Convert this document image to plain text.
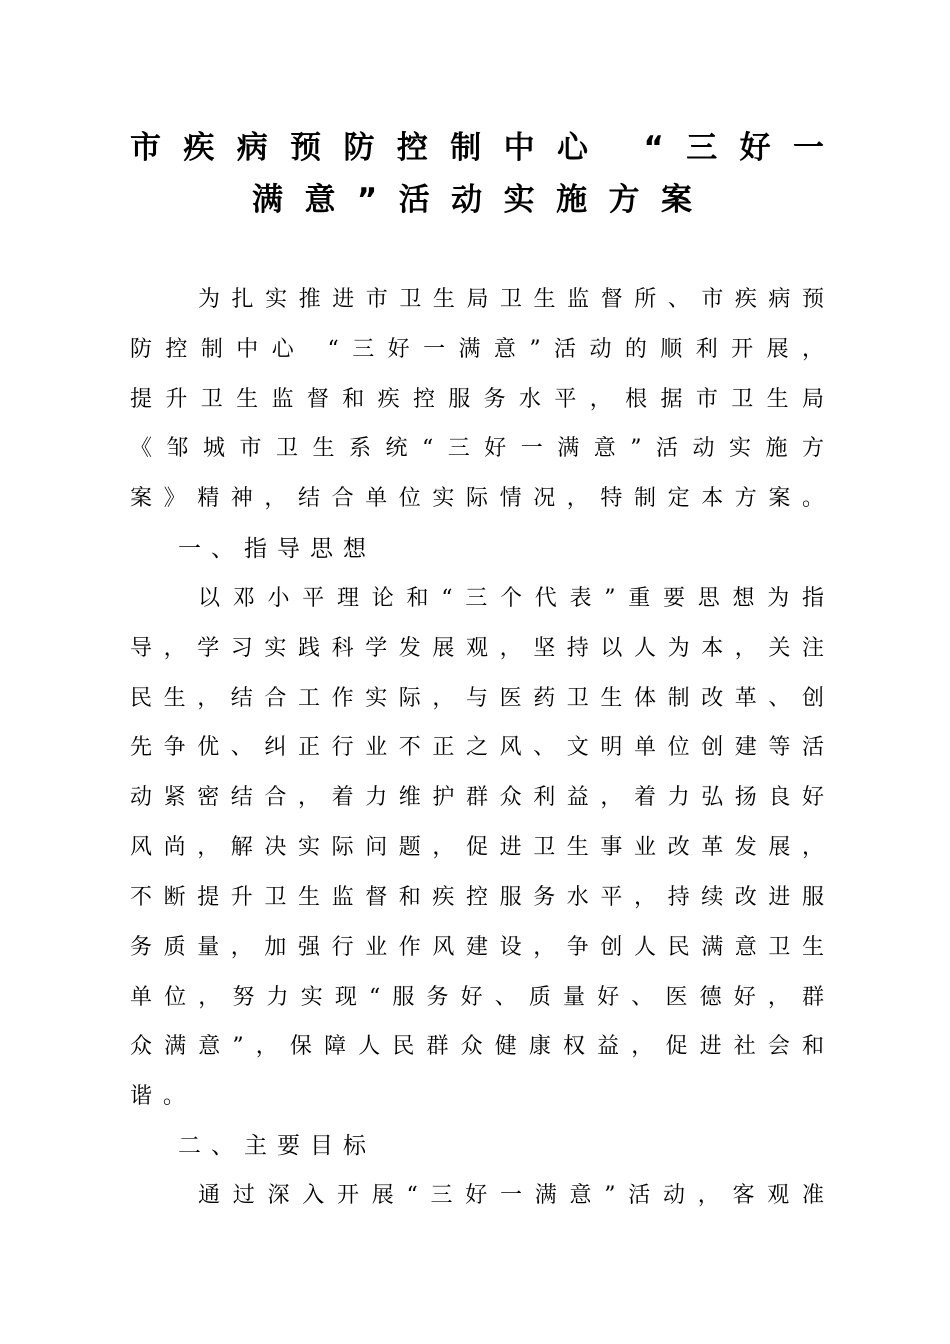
市疾病预防控制中心 “三好一
满意”活动实施方案
为扎实推进市卫生局卫生监督所、市疾病预
防控制中心 “三好一满意”活动的顺利开展，
提升卫生监督和疾控服务水平，根据市卫生局
《邹城市卫生系统“三好一满意”活动实施方
案》精神，结合单位实际情况，特制定本方案。
一、指导思想
以邓小平理论和“三个代表”重要思想为指
导，学习实践科学发展观，坚持以人为本，关注
民生，结合工作实际，与医药卫生体制改革、创
先争优、纠正行业不正之风、文明单位创建等活
动紧密结合，着力维护群众利益，着力弘扬良好
风尚，解决实际问题，促进卫生事业改革发展，
不断提升卫生监督和疾控服务水平，持续改进服
务质量，加强行业作风建设，争创人民满意卫生
单位，努力实现“服务好、质量好、医德好，群
众满意”，保障人民群众健康权益，促进社会和
谐。
二、主要目标
通过深入开展“三好一满意”活动，客观准
